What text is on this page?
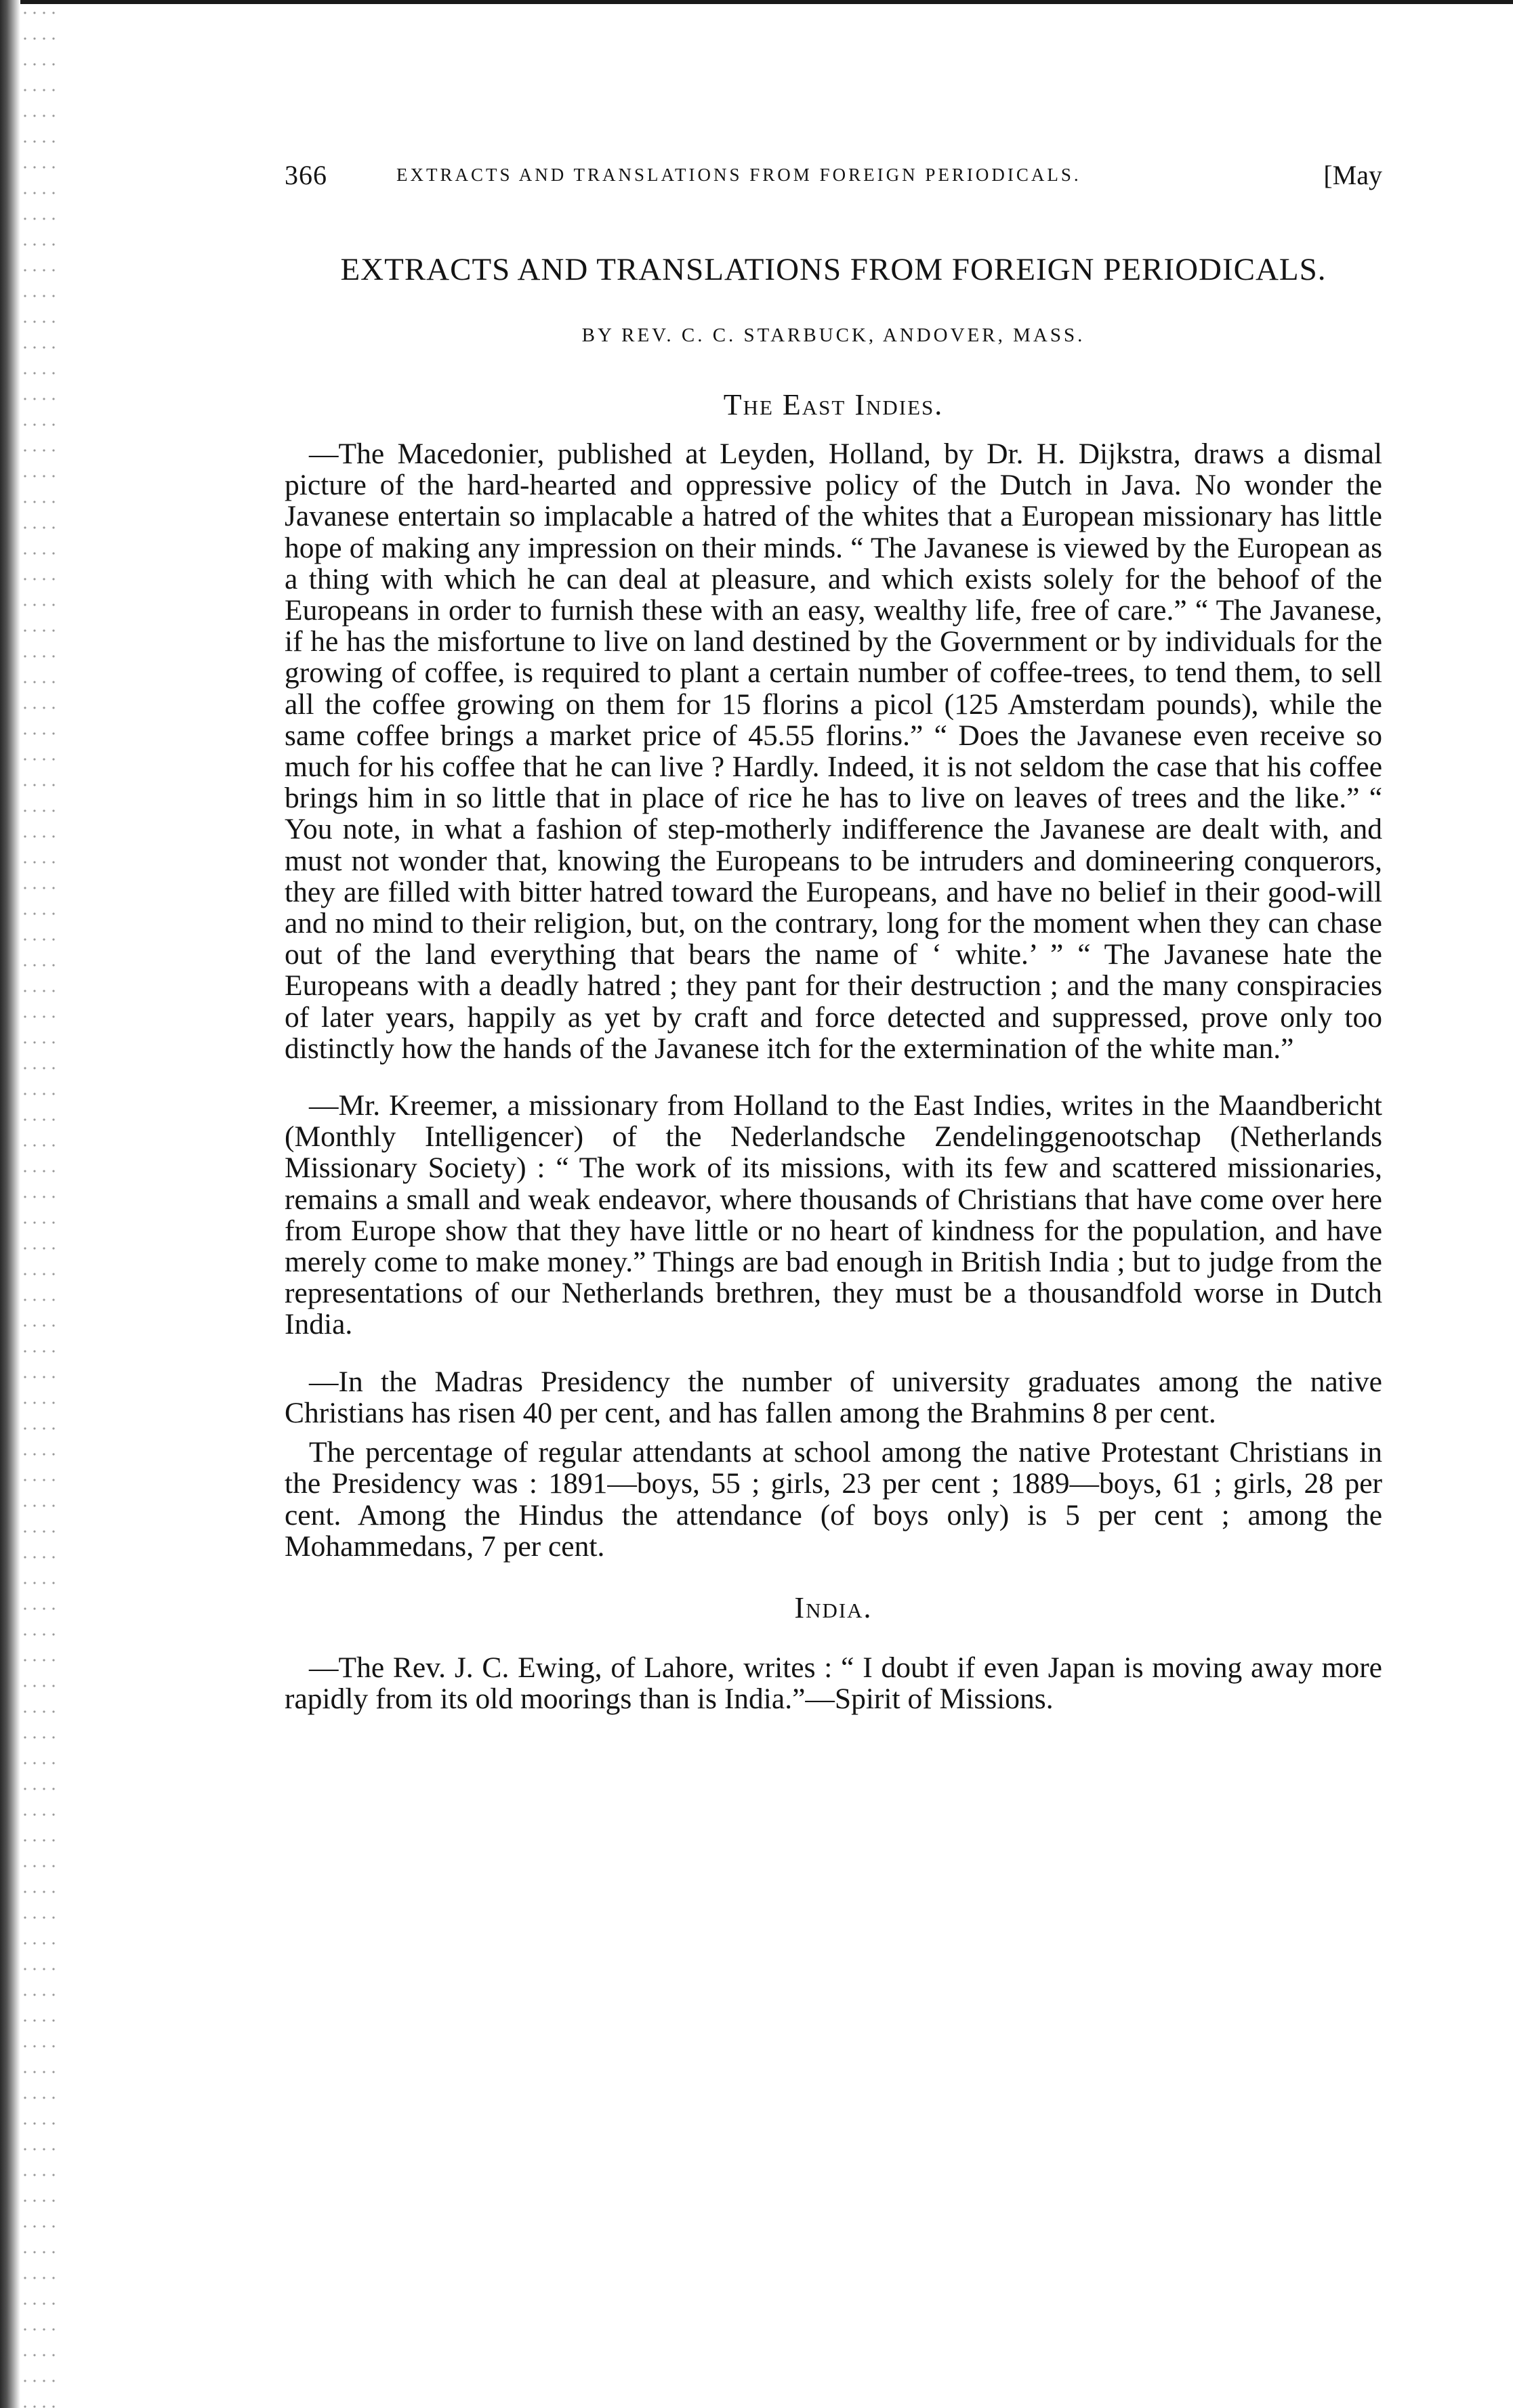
366	EXTRACTS AND TRANSLATIONS FROM FOREIGN PERIODICALS.	[May
EXTRACTS AND TRANSLATIONS FROM FOREIGN PERIODICALS.
BY REV. C. C. STARBUCK, ANDOVER, MASS.
The East Indies.

—The Macedonier, published at Leyden, Holland, by Dr. H. Dijkstra, draws a dismal picture of the hard-hearted and oppressive policy of the Dutch in Java. No wonder the Javanese entertain so implacable a hatred of the whites that a European missionary has little hope of making any impression on their minds. “ The Javanese is viewed by the European as a thing with which he can deal at pleasure, and which exists solely for the behoof of the Europeans in order to furnish these with an easy, wealthy life, free of care.” “ The Javanese, if he has the misfortune to live on land destined by the Government or by individuals for the growing of coffee, is required to plant a certain number of coffee-trees, to tend them, to sell all the coffee growing on them for 15 florins a picol (125 Amsterdam pounds), while the same coffee brings a market price of 45.55 florins.” “ Does the Javanese even receive so much for his coffee that he can live ? Hardly. Indeed, it is not seldom the case that his coffee brings him in so little that in place of rice he has to live on leaves of trees and the like.” “ You note, in what a fashion of step-motherly indifference the Javanese are dealt with, and must not wonder that, knowing the Europeans to be intruders and domineering conquerors, they are filled with bitter hatred toward the Europeans, and have no belief in their good-will and no mind to their religion, but, on the contrary, long for the moment when they can chase out of the land everything that bears the name of ‘ white.’ ” “ The Javanese hate the Europeans with a deadly hatred ; they pant for their destruction ; and the many conspiracies of later years, happily as yet by craft and force detected and suppressed, prove only too distinctly how the hands of the Javanese itch for the extermination of the white man.”

—Mr. Kreemer, a missionary from Holland to the East Indies, writes in the Maandbericht (Monthly Intelligencer) of the Nederlandsche Zendelinggenootschap (Netherlands Missionary Society) : “ The work of its missions, with its few and scattered missionaries, remains a small and weak endeavor, where thousands of Christians that have come over here from Europe show that they have little or no heart of kindness for the population, and have merely come to make money.” Things are bad enough in British India ; but to judge from the representations of our Netherlands brethren, they must be a thousandfold worse in Dutch India.

—In the Madras Presidency the number of university graduates among the native Christians has risen 40 per cent, and has fallen among the Brahmins 8 per cent.

The percentage of regular attendants at school among the native Protestant Christians in the Presidency was : 1891—boys, 55 ; girls, 23 per cent ; 1889—boys, 61 ; girls, 28 per cent. Among the Hindus the attendance (of boys only) is 5 per cent ; among the Mohammedans, 7 per cent.

India.

—The Rev. J. C. Ewing, of Lahore, writes : “ I doubt if even Japan is moving away more rapidly from its old moorings than is India.”—Spirit of Missions.
